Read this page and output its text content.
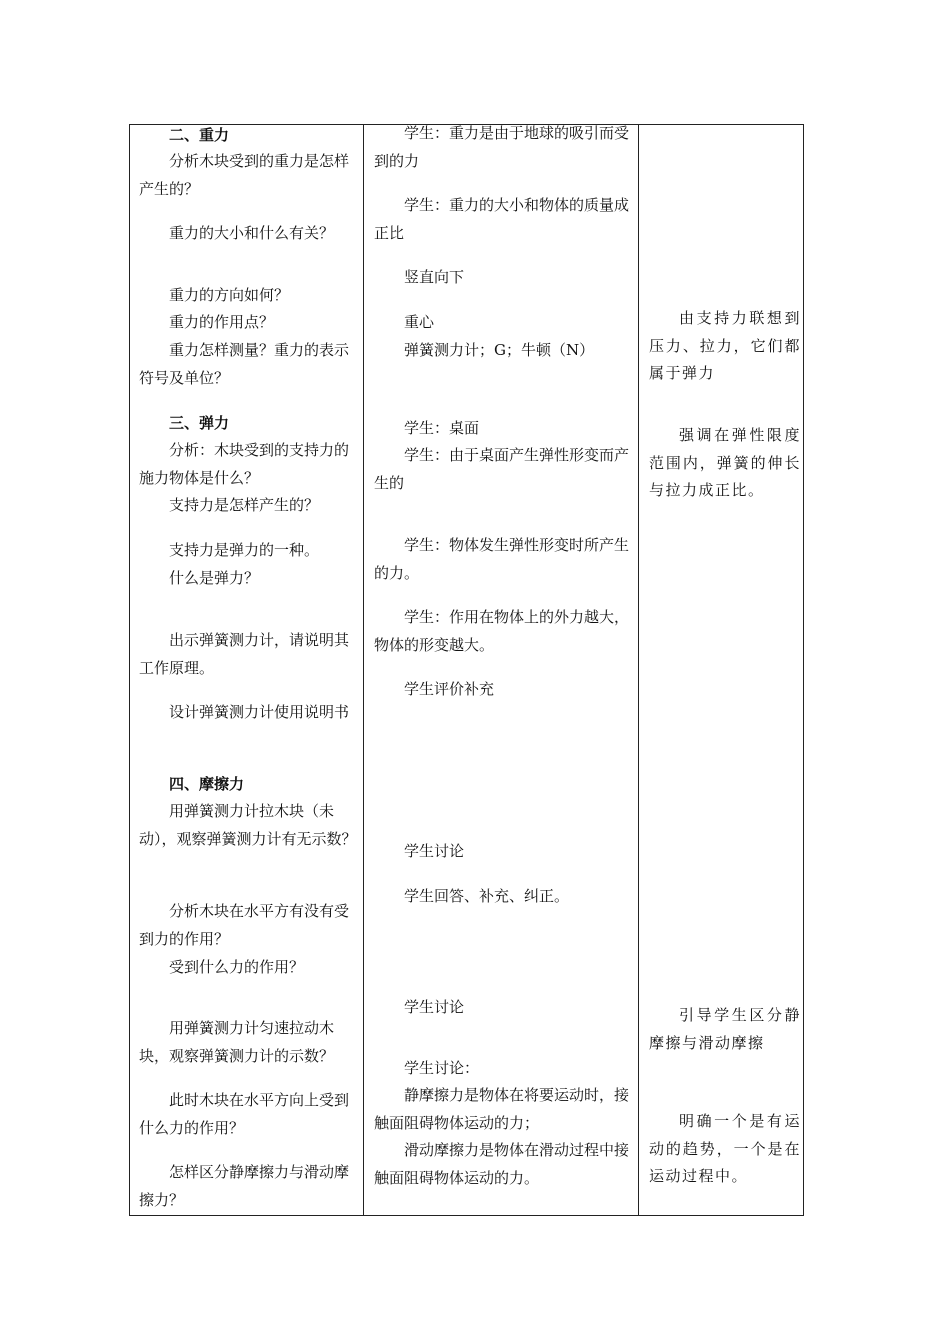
二、重力

分析木块受到的重力是怎样产生的？

重力的大小和什么有关？

重力的方向如何？

重力的作用点？

重力怎样测量？重力的表示符号及单位？

三、弹力

分析：木块受到的支持力的施力物体是什么？

支持力是怎样产生的？

支持力是弹力的一种。

什么是弹力？

出示弹簧测力计，请说明其工作原理。

设计弹簧测力计使用说明书

四、摩擦力

用弹簧测力计拉木块（未动），观察弹簧测力计有无示数？

分析木块在水平方有没有受到力的作用？

受到什么力的作用？

用弹簧测力计匀速拉动木块，观察弹簧测力计的示数？

此时木块在水平方向上受到什么力的作用？

怎样区分静摩擦力与滑动摩擦力？

学生：重力是由于地球的吸引而受到的力

学生：重力的大小和物体的质量成正比

竖直向下

重心

弹簧测力计；G；牛顿（N）

学生：桌面

学生：由于桌面产生弹性形变而产生的

学生：物体发生弹性形变时所产生的力。

学生：作用在物体上的外力越大，物体的形变越大。

学生评价补充

学生讨论

学生回答、补充、纠正。

学生讨论

学生讨论：

静摩擦力是物体在将要运动时，接触面阻碍物体运动的力；

滑动摩擦力是物体在滑动过程中接触面阻碍物体运动的力。

由支持力联想到压力、拉力，它们都属于弹力

强调在弹性限度范围内，弹簧的伸长与拉力成正比。

引导学生区分静摩擦与滑动摩擦

明确一个是有运动的趋势，一个是在运动过程中。
